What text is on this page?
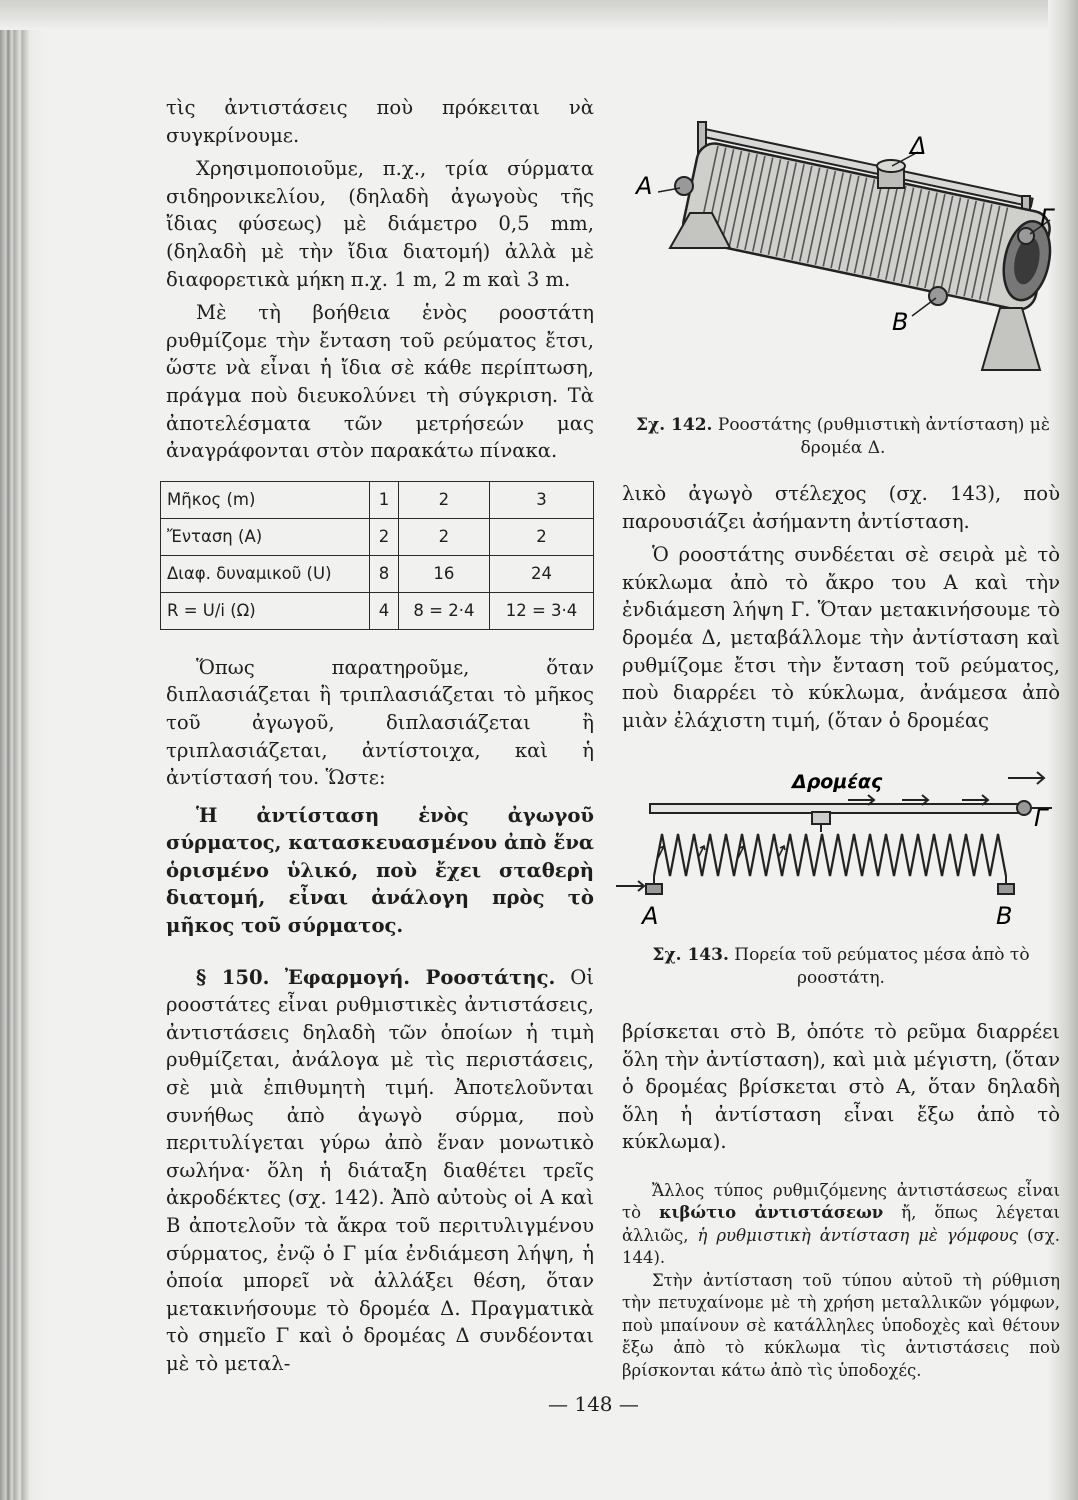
τὶς ἀντιστάσεις ποὺ πρόκειται νὰ συγκρίνουμε.

Χρησιμοποιοῦμε, π.χ., τρία σύρματα σιδηρονικελίου, (δηλαδὴ ἀγωγοὺς τῆς ἴδιας φύσεως) μὲ διάμετρο 0,5 mm, (δηλαδὴ μὲ τὴν ἴδια διατομή) ἀλλὰ μὲ διαφορετικὰ μήκη π.χ. 1 m, 2 m καὶ 3 m.

Μὲ τὴ βοήθεια ἑνὸς ροοστάτη ρυθμίζομε τὴν ἔνταση τοῦ ρεύματος ἔτσι, ὥστε νὰ εἶναι ἡ ἴδια σὲ κάθε περίπτωση, πράγμα ποὺ διευκολύνει τὴ σύγκριση. Τὰ ἀποτελέσματα τῶν μετρήσεών μας ἀναγράφονται στὸν παρακάτω πίνακα.

Μῆκος (m)	1	2	3
Ἔνταση (A)	2	2	2
Διαφ. δυναμικοῦ (U)	8	16	24
R = U/i (Ω)	4	8 = 2·4	12 = 3·4

Ὅπως παρατηροῦμε, ὅταν διπλασιάζεται ἢ τριπλασιάζεται τὸ μῆκος τοῦ ἀγωγοῦ, διπλασιάζεται ἢ τριπλασιάζεται, ἀντίστοιχα, καὶ ἡ ἀντίστασή του. Ὥστε:

Ἡ ἀντίσταση ἑνὸς ἀγωγοῦ σύρματος, κατασκευασμένου ἀπὸ ἕνα ὁρισμένο ὑλικό, ποὺ ἔχει σταθερὴ διατομή, εἶναι ἀνάλογη πρὸς τὸ μῆκος τοῦ σύρματος.

§ 150. Ἐφαρμογή. Ροοστάτης. Οἱ ροοστάτες εἶναι ρυθμιστικὲς ἀντιστάσεις, ἀντιστάσεις δηλαδὴ τῶν ὁποίων ἡ τιμὴ ρυθμίζεται, ἀνάλογα μὲ τὶς περιστάσεις, σὲ μιὰ ἐπιθυμητὴ τιμή. Ἀποτελοῦνται συνήθως ἀπὸ ἀγωγὸ σύρμα, ποὺ περιτυλίγεται γύρω ἀπὸ ἕναν μονωτικὸ σωλήνα· ὅλη ἡ διάταξη διαθέτει τρεῖς ἀκροδέκτες (σχ. 142). Ἀπὸ αὐτοὺς οἱ Α καὶ Β ἀποτελοῦν τὰ ἄκρα τοῦ περιτυλιγμένου σύρματος, ἐνῷ ὁ Γ μία ἐνδιάμεση λήψη, ἡ ὁποία μπορεῖ νὰ ἀλλάξει θέση, ὅταν μετακινήσουμε τὸ δρομέα Δ. Πραγματικὰ τὸ σημεῖο Γ καὶ ὁ δρομέας Δ συνδέονται μὲ τὸ μεταλ-

Α
Δ
Γ
Β
Σχ. 142. Ροοστάτης (ρυθμιστικὴ ἀντίσταση) μὲ δρομέα Δ.

λικὸ ἀγωγὸ στέλεχος (σχ. 143), ποὺ παρουσιάζει ἀσήμαντη ἀντίσταση.

Ὁ ροοστάτης συνδέεται σὲ σειρὰ μὲ τὸ κύκλωμα ἀπὸ τὸ ἄκρο του Α καὶ τὴν ἐνδιάμεση λήψη Γ. Ὅταν μετακινήσουμε τὸ δρομέα Δ, μεταβάλλομε τὴν ἀντίσταση καὶ ρυθμίζομε ἔτσι τὴν ἔνταση τοῦ ρεύματος, ποὺ διαρρέει τὸ κύκλωμα, ἀνάμεσα ἀπὸ μιὰν ἐλάχιστη τιμή, (ὅταν ὁ δρομέας

Δρομέας
Α	Β
Γ
Σχ. 143. Πορεία τοῦ ρεύματος μέσα ἀπὸ τὸ ροοστάτη.

βρίσκεται στὸ Β, ὁπότε τὸ ρεῦμα διαρρέει ὅλη τὴν ἀντίσταση), καὶ μιὰ μέγιστη, (ὅταν ὁ δρομέας βρίσκεται στὸ Α, ὅταν δηλαδὴ ὅλη ἡ ἀντίσταση εἶναι ἔξω ἀπὸ τὸ κύκλωμα).

Ἄλλος τύπος ρυθμιζόμενης ἀντιστάσεως εἶναι τὸ κιβώτιο ἀντιστάσεων ἤ, ὅπως λέγεται ἀλλιῶς, ἡ ρυθμιστικὴ ἀντίσταση μὲ γόμφους (σχ. 144).

Στὴν ἀντίσταση τοῦ τύπου αὐτοῦ τὴ ρύθμιση τὴν πετυχαίνομε μὲ τὴ χρήση μεταλλικῶν γόμφων, ποὺ μπαίνουν σὲ κατάλληλες ὑποδοχὲς καὶ θέτουν ἔξω ἀπὸ τὸ κύκλωμα τὶς ἀντιστάσεις ποὺ βρίσκονται κάτω ἀπὸ τὶς ὑποδοχές.

— 148 —
